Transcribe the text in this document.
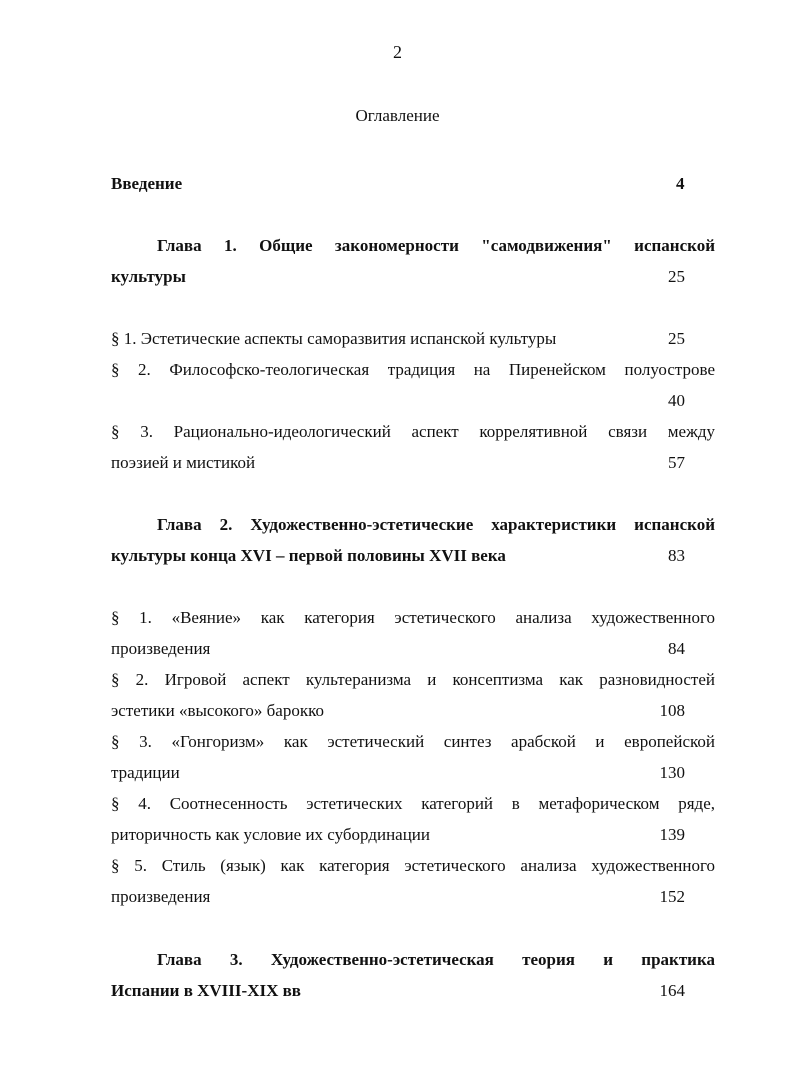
2
Оглавление
Введение	4
Глава 1. Общие закономерности "самодвижения" испанской
культуры	25
§ 1. Эстетические аспекты саморазвития испанской культуры	25
§ 2. Философско-теологическая традиция на Пиренейском полуострове
40
§ 3. Рационально-идеологический аспект коррелятивной связи между
поэзией и мистикой	57
Глава 2. Художественно-эстетические характеристики испанской
культуры конца XVI – первой половины XVII века	83
§ 1. «Веяние» как категория эстетического анализа художественного
произведения	84
§ 2. Игровой аспект культеранизма и консептизма как разновидностей
эстетики «высокого» барокко	108
§ 3. «Гонгоризм» как эстетический синтез арабской и европейской
традиции	130
§ 4. Соотнесенность эстетических категорий в метафорическом ряде,
риторичность как условие их субординации	139
§ 5. Стиль (язык) как категория эстетического анализа художественного
произведения	152
Глава 3. Художественно-эстетическая теория и практика
Испании в XVIII-XIX вв	164
